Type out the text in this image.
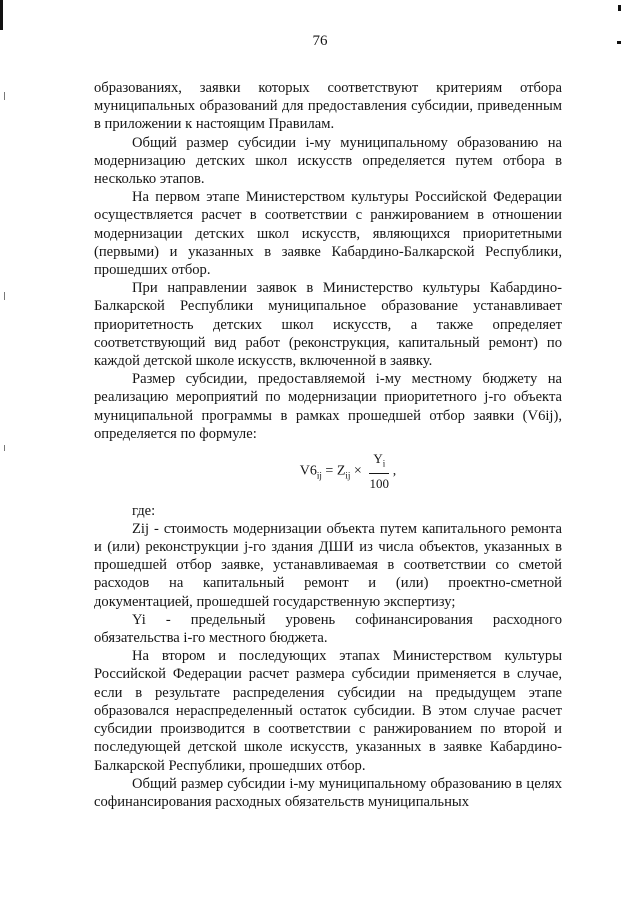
76

образованиях, заявки которых соответствуют критериям отбора муниципальных образований для предоставления субсидии, приведенным в приложении к настоящим Правилам.

Общий размер субсидии i-му муниципальному образованию на модернизацию детских школ искусств определяется путем отбора в несколько этапов.

На первом этапе Министерством культуры Российской Федерации осуществляется расчет в соответствии с ранжированием в отношении модернизации детских школ искусств, являющихся приоритетными (первыми) и указанных в заявке Кабардино-Балкарской Республики, прошедших отбор.

При направлении заявок в Министерство культуры Кабардино-Балкарской Республики муниципальное образование устанавливает приоритетность детских школ искусств, а также определяет соответствующий вид работ (реконструкция, капитальный ремонт) по каждой детской школе искусств, включенной в заявку.

Размер субсидии, предоставляемой i-му местному бюджету на реализацию мероприятий по модернизации приоритетного j-го объекта муниципальной программы в рамках прошедшей отбор заявки (V6ij), определяется по формуле:

$V6_{ij} = Z_{ij} \times \frac{Y_i}{100}$ ,

где:

Zij - стоимость модернизации объекта путем капитального ремонта и (или) реконструкции j-го здания ДШИ из числа объектов, указанных в прошедшей отбор заявке, устанавливаемая в соответствии со сметой расходов на капитальный ремонт и (или) проектно-сметной документацией, прошедшей государственную экспертизу;

Yi - предельный уровень софинансирования расходного обязательства i-го местного бюджета.

На втором и последующих этапах Министерством культуры Российской Федерации расчет размера субсидии применяется в случае, если в результате распределения субсидии на предыдущем этапе образовался нераспределенный остаток субсидии. В этом случае расчет субсидии производится в соответствии с ранжированием по второй и последующей детской школе искусств, указанных в заявке Кабардино-Балкарской Республики, прошедших отбор.

Общий размер субсидии i-му муниципальному образованию в целях софинансирования расходных обязательств муниципальных
